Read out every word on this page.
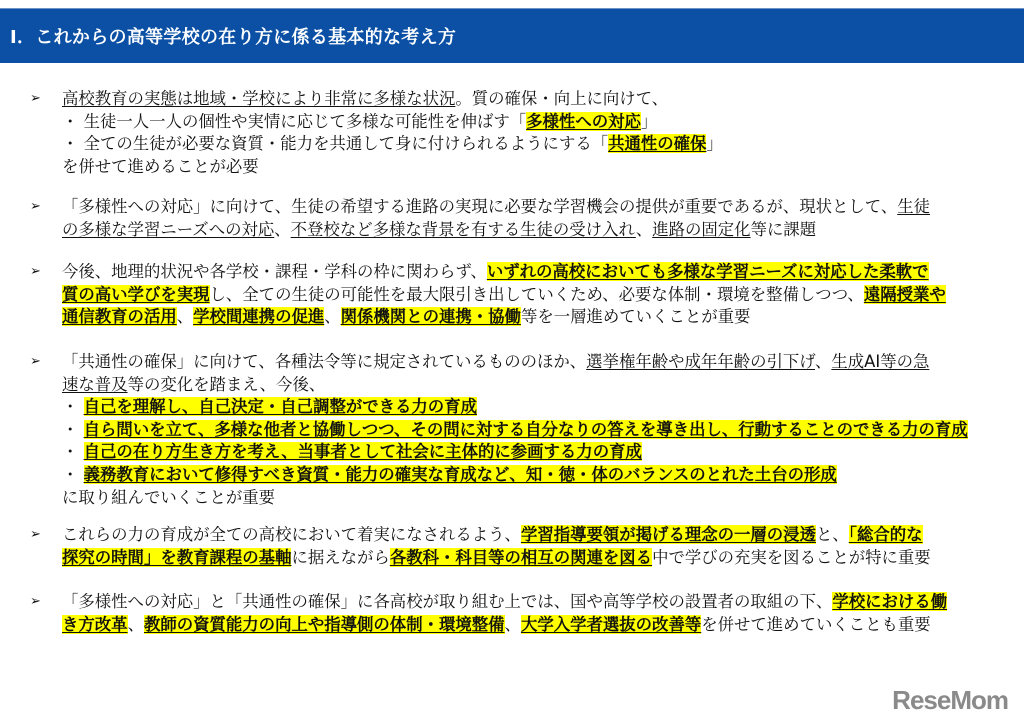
Ⅰ．これからの高等学校の在り方に係る基本的な考え方
➢ 高校教育の実態は地域・学校により非常に多様な状況。質の確保・向上に向けて、
・ 生徒一人一人の個性や実情に応じて多様な可能性を伸ばす「多様性への対応」
・ 全ての生徒が必要な資質・能力を共通して身に付けられるようにする「共通性の確保」
を併せて進めることが必要
➢ 「多様性への対応」に向けて、生徒の希望する進路の実現に必要な学習機会の提供が重要であるが、現状として、生徒
の多様な学習ニーズへの対応、不登校など多様な背景を有する生徒の受け入れ、進路の固定化等に課題
➢ 今後、地理的状況や各学校・課程・学科の枠に関わらず、いずれの高校においても多様な学習ニーズに対応した柔軟で
質の高い学びを実現し、全ての生徒の可能性を最大限引き出していくため、必要な体制・環境を整備しつつ、遠隔授業や
通信教育の活用、学校間連携の促進、関係機関との連携・協働等を一層進めていくことが重要
➢ 「共通性の確保」に向けて、各種法令等に規定されているもののほか、選挙権年齢や成年年齢の引下げ、生成AI等の急
速な普及等の変化を踏まえ、今後、
・ 自己を理解し、自己決定・自己調整ができる力の育成
・ 自ら問いを立て、多様な他者と協働しつつ、その問に対する自分なりの答えを導き出し、行動することのできる力の育成
・ 自己の在り方生き方を考え、当事者として社会に主体的に参画する力の育成
・ 義務教育において修得すべき資質・能力の確実な育成など、知・徳・体のバランスのとれた土台の形成
に取り組んでいくことが重要
➢ これらの力の育成が全ての高校において着実になされるよう、学習指導要領が掲げる理念の一層の浸透と、「総合的な
探究の時間」を教育課程の基軸に据えながら各教科・科目等の相互の関連を図る中で学びの充実を図ることが特に重要
➢ 「多様性への対応」と「共通性の確保」に各高校が取り組む上では、国や高等学校の設置者の取組の下、学校における働
き方改革、教師の資質能力の向上や指導側の体制・環境整備、大学入学者選抜の改善等を併せて進めていくことも重要
ReseMom
